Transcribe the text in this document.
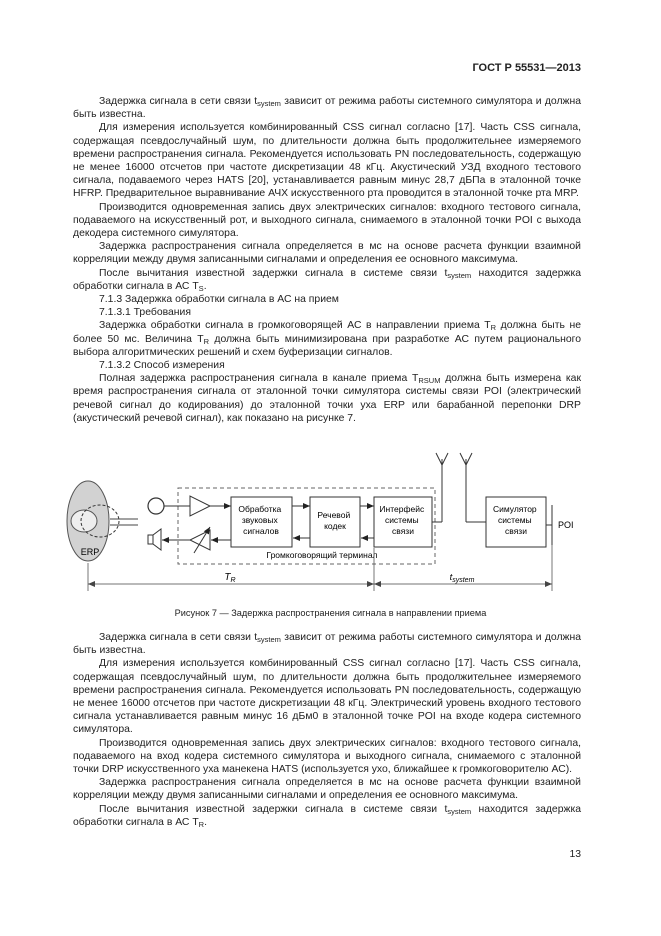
ГОСТ Р 55531—2013

Задержка сигнала в сети связи $t_{system}$ зависит от режима работы системного симулятора и должна быть известна.

Для измерения используется комбинированный CSS сигнал согласно [17]. Часть CSS сигнала, содержащая псевдослучайный шум, по длительности должна быть продолжительнее измеряемого времени распространения сигнала. Рекомендуется использовать PN последовательность, содержащую не менее 16000 отсчетов при частоте дискретизации 48 кГц. Акустический УЗД входного тестового сигнала, подаваемого через HATS [20], устанавливается равным минус 28,7 дБПа в эталонной точке HFRP. Предварительное выравнивание АЧХ искусственного рта проводится в эталонной точке рта MRP.

Производится одновременная запись двух электрических сигналов: входного тестового сигнала, подаваемого на искусственный рот, и выходного сигнала, снимаемого в эталонной точки POI с выхода декодера системного симулятора.

Задержка распространения сигнала определяется в мс на основе расчета функции взаимной корреляции между двумя записанными сигналами и определения ее основного максимума.

После вычитания известной задержки сигнала в системе связи $t_{system}$ находится задержка обработки сигнала в АС $T_S$.

7.1.3 Задержка обработки сигнала в АС на прием

7.1.3.1 Требования

Задержка обработки сигнала в громкоговорящей АС в направлении приема $T_R$ должна быть не более 50 мс. Величина $T_R$ должна быть минимизирована при разработке АС путем рационального выбора алгоритмических решений и схем буферизации сигналов.

7.1.3.2 Способ измерения

Полная задержка распространения сигнала в канале приема $T_{RSUM}$ должна быть измерена как время распространения сигнала от эталонной точки симулятора системы связи POI (электрический речевой сигнал до кодирования) до эталонной точки уха ERP или барабанной перепонки DRP (акустический речевой сигнал), как показано на рисунке 7.

ERP	Громкоговорящий терминал
Обработка звуковых сигналов
Речевой кодек
Интерфейс системы связи
Симулятор системы связи
POI
$T_R$	$t_{system}$
Рисунок 7 — Задержка распространения сигнала в направлении приема

Задержка сигнала в сети связи $t_{system}$ зависит от режима работы системного симулятора и должна быть известна.

Для измерения используется комбинированный CSS сигнал согласно [17]. Часть CSS сигнала, содержащая псевдослучайный шум, по длительности должна быть продолжительнее измеряемого времени распространения сигнала. Рекомендуется использовать PN последовательность, содержащую не менее 16000 отсчетов при частоте дискретизации 48 кГц. Электрический уровень входного тестового сигнала устанавливается равным минус 16 дБм0 в эталонной точке POI на входе кодера системного симулятора.

Производится одновременная запись двух электрических сигналов: входного тестового сигнала, подаваемого на вход кодера системного симулятора и выходного сигнала, снимаемого с эталонной точки DRP искусственного уха манекена HATS (используется ухо, ближайшее к громкоговорителю АС).

Задержка распространения сигнала определяется в мс на основе расчета функции взаимной корреляции между двумя записанными сигналами и определения ее основного максимума.

После вычитания известной задержки сигнала в системе связи $t_{system}$ находится задержка обработки сигнала в АС $T_R$.

13
